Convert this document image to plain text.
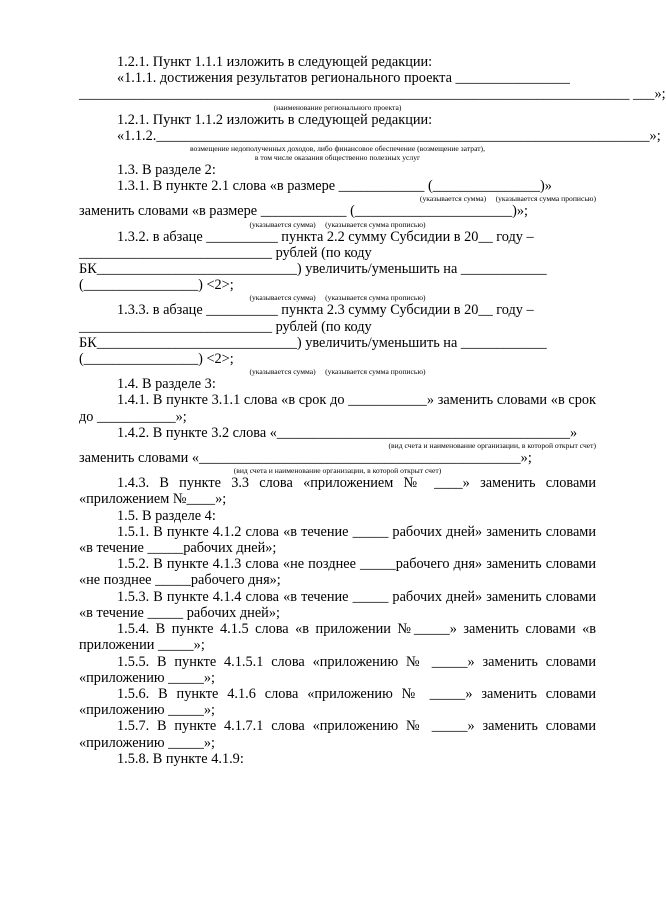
1.2.1. Пункт 1.1.1 изложить в следующей редакции:

«1.1.1. достижения результатов регионального проекта ________________

_____________________________________________________________________________ ___»;

(наименование регионального проекта)

1.2.1. Пункт 1.1.2 изложить в следующей редакции:

«1.1.2._____________________________________________________________________»;

возмещение недополученных доходов, либо финансовое обеспечение (возмещение затрат),

в том числе оказания общественно полезных услуг

1.3. В разделе 2:

1.3.1. В пункте 2.1 слова «в размере ____________ (_______________)»

(указывается сумма)     (указывается сумма прописью)

заменить словами «в размере ____________ (______________________)»;

(указывается сумма)     (указывается сумма прописью)

1.3.2. в абзаце __________ пункта 2.2 сумму Субсидии в 20__ году –

___________________________ рублей (по коду

БК____________________________) увеличить/уменьшить на ____________

(________________) <2>;

(указывается сумма)     (указывается сумма прописью)

1.3.3. в абзаце __________ пункта 2.3 сумму Субсидии в 20__ году –

___________________________ рублей (по коду

БК____________________________) увеличить/уменьшить на ____________

(________________) <2>;

(указывается сумма)     (указывается сумма прописью)

1.4. В разделе 3:

1.4.1. В пункте 3.1.1 слова «в срок до ___________» заменить словами «в срок до ___________»;

1.4.2. В пункте 3.2 слова «_________________________________________»

(вид счета и наименование организации, в которой открыт счет)

заменить словами «_____________________________________________»;

(вид счета и наименование организации, в которой открыт счет)

1.4.3. В пункте 3.3 слова «приложением № ____» заменить словами «приложением №____»;

1.5. В разделе 4:

1.5.1. В пункте 4.1.2 слова «в течение _____ рабочих дней» заменить словами «в течение _____рабочих дней»;

1.5.2. В пункте 4.1.3 слова «не позднее _____рабочего дня» заменить словами «не позднее _____рабочего дня»;

1.5.3. В пункте 4.1.4 слова «в течение _____ рабочих дней» заменить словами «в течение _____ рабочих дней»;

1.5.4. В пункте 4.1.5 слова «в приложении №_____» заменить словами «в приложении _____»;

1.5.5. В пункте 4.1.5.1 слова «приложению № _____» заменить словами «приложению _____»;

1.5.6. В пункте 4.1.6 слова «приложению № _____» заменить словами «приложению _____»;

1.5.7. В пункте 4.1.7.1 слова «приложению № _____» заменить словами «приложению _____»;

1.5.8. В пункте 4.1.9:
